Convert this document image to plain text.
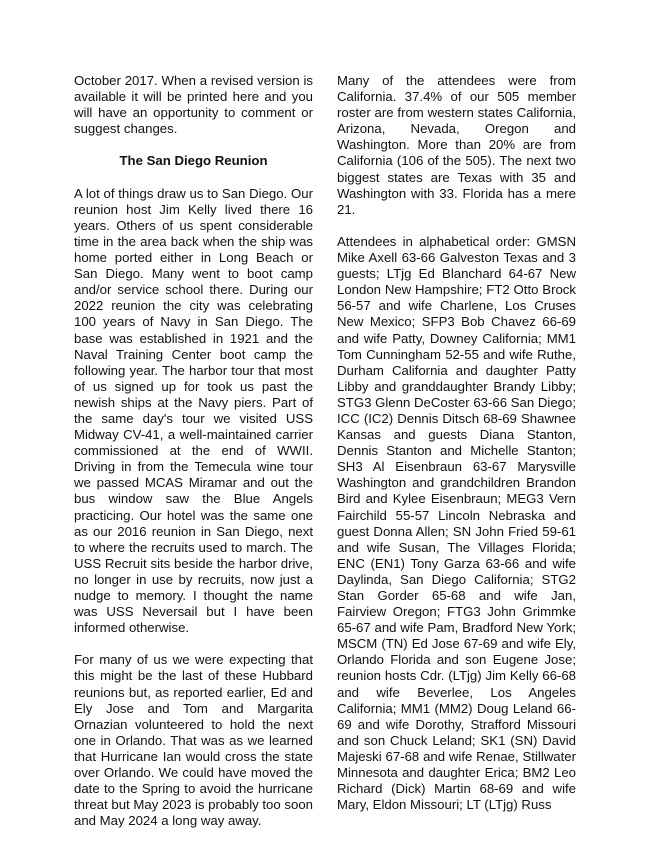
October 2017. When a revised version is available it will be printed here and you will have an opportunity to comment or suggest changes.

The San Diego Reunion

A lot of things draw us to San Diego. Our reunion host Jim Kelly lived there 16 years. Others of us spent considerable time in the area back when the ship was home ported either in Long Beach or San Diego. Many went to boot camp and/or service school there. During our 2022 reunion the city was celebrating 100 years of Navy in San Diego. The base was established in 1921 and the Naval Training Center boot camp the following year. The harbor tour that most of us signed up for took us past the newish ships at the Navy piers. Part of the same day's tour we visited USS Midway CV-41, a well-maintained carrier commissioned at the end of WWII. Driving in from the Temecula wine tour we passed MCAS Miramar and out the bus window saw the Blue Angels practicing. Our hotel was the same one as our 2016 reunion in San Diego, next to where the recruits used to march. The USS Recruit sits beside the harbor drive, no longer in use by recruits, now just a nudge to memory. I thought the name was USS Neversail but I have been informed otherwise.

For many of us we were expecting that this might be the last of these Hubbard reunions but, as reported earlier, Ed and Ely Jose and Tom and Margarita Ornazian volunteered to hold the next one in Orlando. That was as we learned that Hurricane Ian would cross the state over Orlando. We could have moved the date to the Spring to avoid the hurricane threat but May 2023 is probably too soon and May 2024 a long way away.

Many of the attendees were from California. 37.4% of our 505 member roster are from western states California, Arizona, Nevada, Oregon and Washington. More than 20% are from California (106 of the 505). The next two biggest states are Texas with 35 and Washington with 33. Florida has a mere 21.

Attendees in alphabetical order: GMSN Mike Axell 63-66 Galveston Texas and 3 guests; LTjg Ed Blanchard 64-67 New London New Hampshire; FT2 Otto Brock 56-57 and wife Charlene, Los Cruses New Mexico; SFP3 Bob Chavez 66-69 and wife Patty, Downey California; MM1 Tom Cunningham 52-55 and wife Ruthe, Durham California and daughter Patty Libby and granddaughter Brandy Libby; STG3 Glenn DeCoster 63-66 San Diego; ICC (IC2) Dennis Ditsch 68-69 Shawnee Kansas and guests Diana Stanton, Dennis Stanton and Michelle Stanton; SH3 Al Eisenbraun 63-67 Marysville Washington and grandchildren Brandon Bird and Kylee Eisenbraun; MEG3 Vern Fairchild 55-57 Lincoln Nebraska and guest Donna Allen; SN John Fried 59-61 and wife Susan, The Villages Florida; ENC (EN1) Tony Garza 63-66 and wife Daylinda, San Diego California; STG2 Stan Gorder 65-68 and wife Jan, Fairview Oregon; FTG3 John Grimmke 65-67 and wife Pam, Bradford New York; MSCM (TN) Ed Jose 67-69 and wife Ely, Orlando Florida and son Eugene Jose; reunion hosts Cdr. (LTjg) Jim Kelly 66-68 and wife Beverlee, Los Angeles California; MM1 (MM2) Doug Leland 66-69 and wife Dorothy, Strafford Missouri and son Chuck Leland; SK1 (SN) David Majeski 67-68 and wife Renae, Stillwater Minnesota and daughter Erica; BM2 Leo Richard (Dick) Martin 68-69 and wife Mary, Eldon Missouri; LT (LTjg) Russ
